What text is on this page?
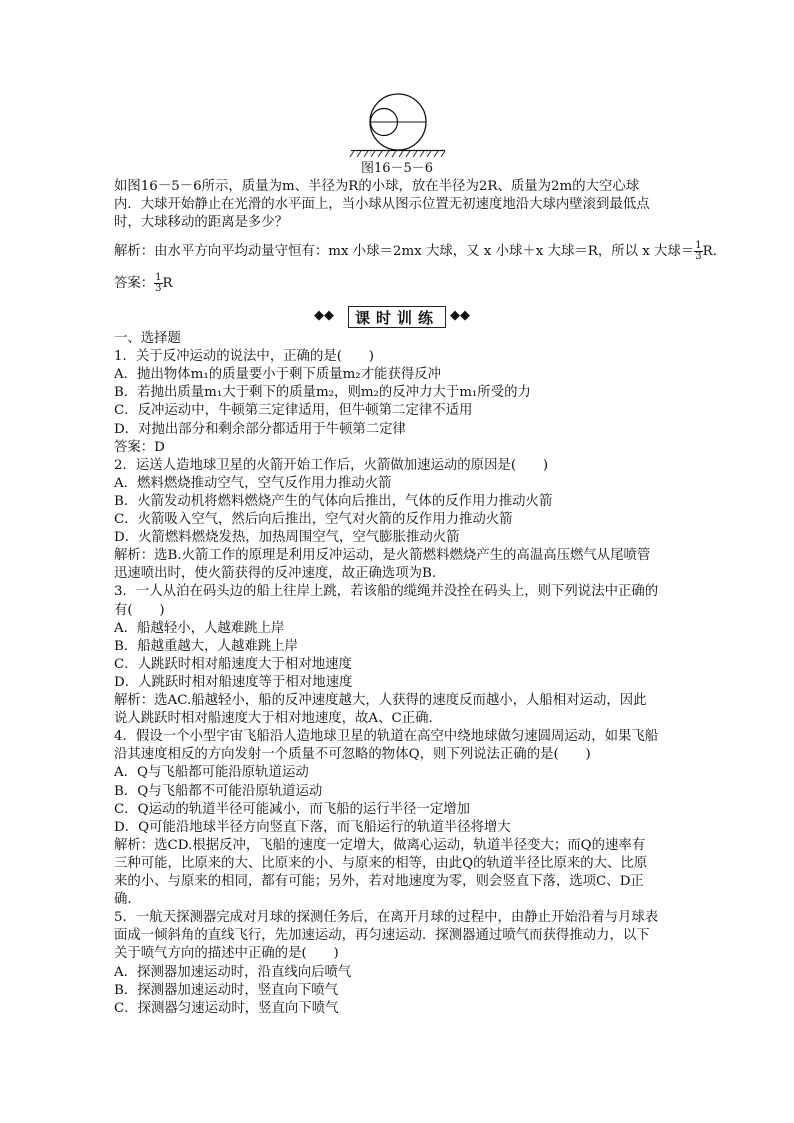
图16－5－6
如图16－5－6所示，质量为m、半径为R的小球，放在半径为2R、质量为2m的大空心球
内．大球开始静止在光滑的水平面上，当小球从图示位置无初速度地沿大球内壁滚到最低点
时，大球移动的距离是多少？
解析：由水平方向平均动量守恒有：mx 小球＝2mx 大球，又 x 小球＋x 大球＝R，所以 x 大球＝ $\frac{1}{3} R$.
答案： $\frac{1}{3}$ R
◆◆	课时训练 ◆◆
一、选择题
1．关于反冲运动的说法中，正确的是(　　)
A．抛出物体m₁的质量要小于剩下质量m₂才能获得反冲
B．若抛出质量m₁大于剩下的质量m₂，则m₂的反冲力大于m₁所受的力
C．反冲运动中，牛顿第三定律适用，但牛顿第二定律不适用
D．对抛出部分和剩余部分都适用于牛顿第二定律
答案：D
2．运送人造地球卫星的火箭开始工作后，火箭做加速运动的原因是(　　)
A．燃料燃烧推动空气，空气反作用力推动火箭
B．火箭发动机将燃料燃烧产生的气体向后推出，气体的反作用力推动火箭
C．火箭吸入空气，然后向后推出，空气对火箭的反作用力推动火箭
D．火箭燃料燃烧发热，加热周围空气，空气膨胀推动火箭
解析：选B.火箭工作的原理是利用反冲运动，是火箭燃料燃烧产生的高温高压燃气从尾喷管
迅速喷出时，使火箭获得的反冲速度，故正确选项为B.
3．一人从泊在码头边的船上往岸上跳，若该船的缆绳并没拴在码头上，则下列说法中正确的
有(　　)
A．船越轻小，人越难跳上岸
B．船越重越大，人越难跳上岸
C．人跳跃时相对船速度大于相对地速度
D．人跳跃时相对船速度等于相对地速度
解析：选AC.船越轻小，船的反冲速度越大，人获得的速度反而越小，人船相对运动，因此
说人跳跃时相对船速度大于相对地速度，故A、C正确.
4．假设一个小型宇宙飞船沿人造地球卫星的轨道在高空中绕地球做匀速圆周运动，如果飞船
沿其速度相反的方向发射一个质量不可忽略的物体Q，则下列说法正确的是(　　)
A．Q与飞船都可能沿原轨道运动
B．Q与飞船都不可能沿原轨道运动
C．Q运动的轨道半径可能减小，而飞船的运行半径一定增加
D．Q可能沿地球半径方向竖直下落，而飞船运行的轨道半径将增大
解析：选CD.根据反冲，飞船的速度一定增大，做离心运动，轨道半径变大；而Q的速率有
三种可能，比原来的大、比原来的小、与原来的相等，由此Q的轨道半径比原来的大、比原
来的小、与原来的相同，都有可能；另外，若对地速度为零，则会竖直下落，选项C、D正
确.
5．一航天探测器完成对月球的探测任务后，在离开月球的过程中，由静止开始沿着与月球表
面成一倾斜角的直线飞行，先加速运动，再匀速运动．探测器通过喷气而获得推动力，以下
关于喷气方向的描述中正确的是(　　)
A．探测器加速运动时，沿直线向后喷气
B．探测器加速运动时，竖直向下喷气
C．探测器匀速运动时，竖直向下喷气
